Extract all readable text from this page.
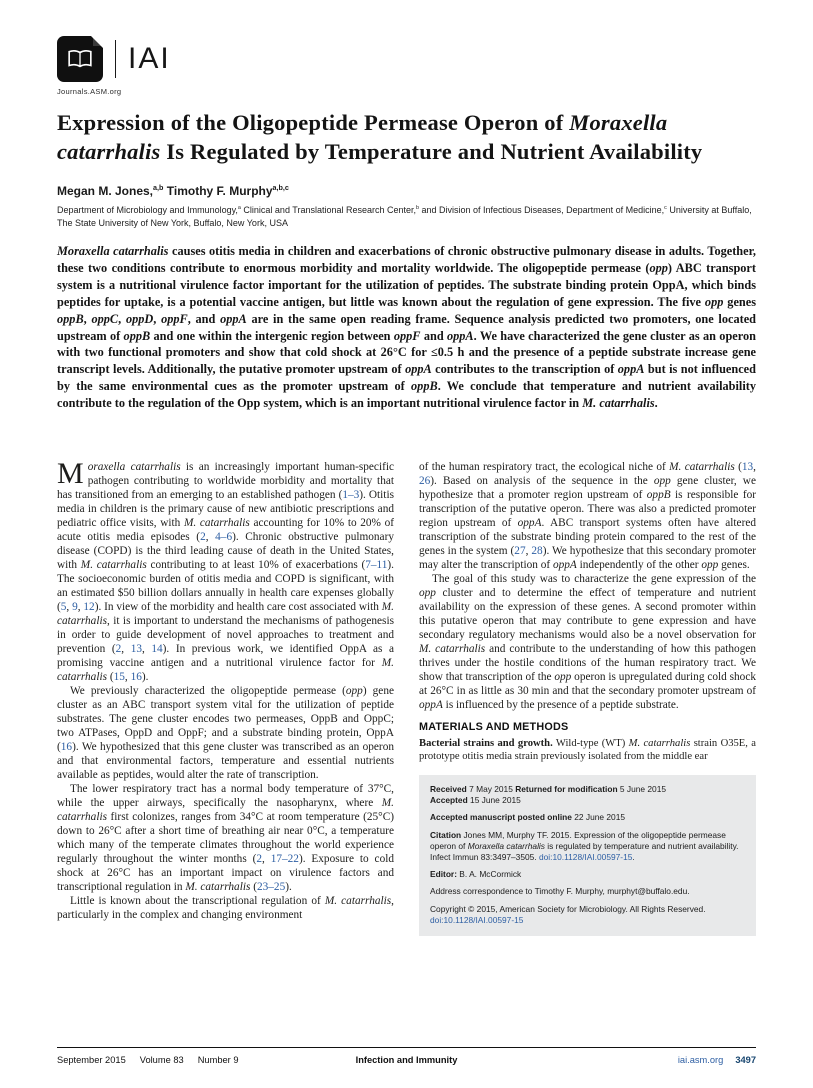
IAI
Journals.ASM.org
Expression of the Oligopeptide Permease Operon of Moraxella catarrhalis Is Regulated by Temperature and Nutrient Availability
Megan M. Jones,$^{a,b}$ Timothy F. Murphy$^{a,b,c}$
Department of Microbiology and Immunology,$^a$ Clinical and Translational Research Center,$^b$ and Division of Infectious Diseases, Department of Medicine,$^c$ University at Buffalo, The State University of New York, Buffalo, New York, USA
Moraxella catarrhalis causes otitis media in children and exacerbations of chronic obstructive pulmonary disease in adults. Together, these two conditions contribute to enormous morbidity and mortality worldwide. The oligopeptide permease (opp) ABC transport system is a nutritional virulence factor important for the utilization of peptides. The substrate binding protein OppA, which binds peptides for uptake, is a potential vaccine antigen, but little was known about the regulation of gene expression. The five opp genes oppB, oppC, oppD, oppF, and oppA are in the same open reading frame. Sequence analysis predicted two promoters, one located upstream of oppB and one within the intergenic region between oppF and oppA. We have characterized the gene cluster as an operon with two functional promoters and show that cold shock at 26°C for ≤0.5 h and the presence of a peptide substrate increase gene transcript levels. Additionally, the putative promoter upstream of oppA contributes to the transcription of oppA but is not influenced by the same environmental cues as the promoter upstream of oppB. We conclude that temperature and nutrient availability contribute to the regulation of the Opp system, which is an important nutritional virulence factor in M. catarrhalis.

Moraxella catarrhalis is an increasingly important human-specific pathogen contributing to worldwide morbidity and mortality that has transitioned from an emerging to an established pathogen (1–3). Otitis media in children is the primary cause of new antibiotic prescriptions and pediatric office visits, with M. catarrhalis accounting for 10% to 20% of acute otitis media episodes (2, 4–6). Chronic obstructive pulmonary disease (COPD) is the third leading cause of death in the United States, with M. catarrhalis contributing to at least 10% of exacerbations (7–11). The socioeconomic burden of otitis media and COPD is significant, with an estimated $50 billion dollars annually in health care expenses globally (5, 9, 12). In view of the morbidity and health care cost associated with M. catarrhalis, it is important to understand the mechanisms of pathogenesis in order to guide development of novel approaches to treatment and prevention (2, 13, 14). In previous work, we identified OppA as a promising vaccine antigen and a nutritional virulence factor for M. catarrhalis (15, 16).

We previously characterized the oligopeptide permease (opp) gene cluster as an ABC transport system vital for the utilization of peptide substrates. The gene cluster encodes two permeases, OppB and OppC; two ATPases, OppD and OppF; and a substrate binding protein, OppA (16). We hypothesized that this gene cluster was transcribed as an operon and that environmental factors, temperature and essential nutrients available as peptides, would alter the rate of transcription.

The lower respiratory tract has a normal body temperature of 37°C, while the upper airways, specifically the nasopharynx, where M. catarrhalis first colonizes, ranges from 34°C at room temperature (25°C) down to 26°C after a short time of breathing air near 0°C, a temperature which many of the temperate climates throughout the world experience regularly throughout the winter months (2, 17–22). Exposure to cold shock at 26°C has an important impact on virulence factors and transcriptional regulation in M. catarrhalis (23–25).

Little is known about the transcriptional regulation of M. catarrhalis, particularly in the complex and changing environment

of the human respiratory tract, the ecological niche of M. catarrhalis (13, 26). Based on analysis of the sequence in the opp gene cluster, we hypothesize that a promoter region upstream of oppB is responsible for transcription of the putative operon. There was also a predicted promoter region upstream of oppA. ABC transport systems often have altered transcription of the substrate binding protein compared to the rest of the genes in the system (27, 28). We hypothesize that this secondary promoter may alter the transcription of oppA independently of the other opp genes.

The goal of this study was to characterize the gene expression of the opp cluster and to determine the effect of temperature and nutrient availability on the expression of these genes. A second promoter within this putative operon that may contribute to gene expression and have secondary regulatory mechanisms would also be a novel observation for M. catarrhalis and contribute to the understanding of how this pathogen thrives under the hostile conditions of the human respiratory tract. We show that transcription of the opp operon is upregulated during cold shock at 26°C in as little as 30 min and that the secondary promoter upstream of oppA is influenced by the presence of a peptide substrate.

MATERIALS AND METHODS

Bacterial strains and growth. Wild-type (WT) M. catarrhalis strain O35E, a prototype otitis media strain previously isolated from the middle ear

Received 7 May 2015 Returned for modification 5 June 2015

Accepted 15 June 2015

Accepted manuscript posted online 22 June 2015

Citation Jones MM, Murphy TF. 2015. Expression of the oligopeptide permease operon of Moraxella catarrhalis is regulated by temperature and nutrient availability. Infect Immun 83:3497–3505. doi:10.1128/IAI.00597-15.

Editor: B. A. McCormick

Address correspondence to Timothy F. Murphy, murphyt@buffalo.edu.

Copyright © 2015, American Society for Microbiology. All Rights Reserved.

doi:10.1128/IAI.00597-15

September 2015 Volume 83 Number 9	Infection and Immunity	iai.asm.org 3497
